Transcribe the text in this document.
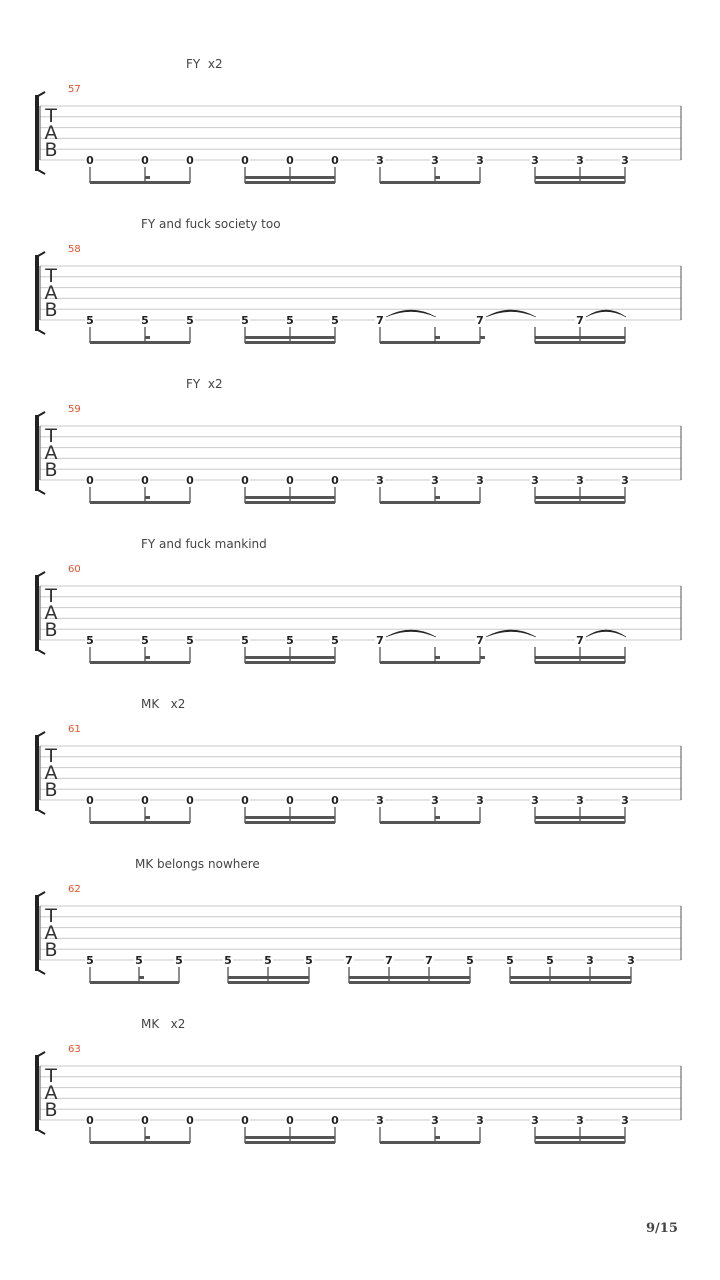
FY  x2
57
T
A
B	0	0	0	0	0	0	3	3	3	3	3	3
FY and fuck society too
58
T
A
B	5	5	5	5	5	5	7	7	7
FY  x2
59
T
A
B	0	0	0	0	0	0	3	3	3	3	3	3
FY and fuck mankind
60
T
A
B	5	5	5	5	5	5	7	7	7
MK   x2
61
T
A
B	0	0	0	0	0	0	3	3	3	3	3	3
MK belongs nowhere
62
T
A
B	5	5	5	5	5	5	7	7	7	5	5	5	3	3
MK   x2
63
T
A
B	0	0	0	0	0	0	3	3	3	3	3	3
9/15
